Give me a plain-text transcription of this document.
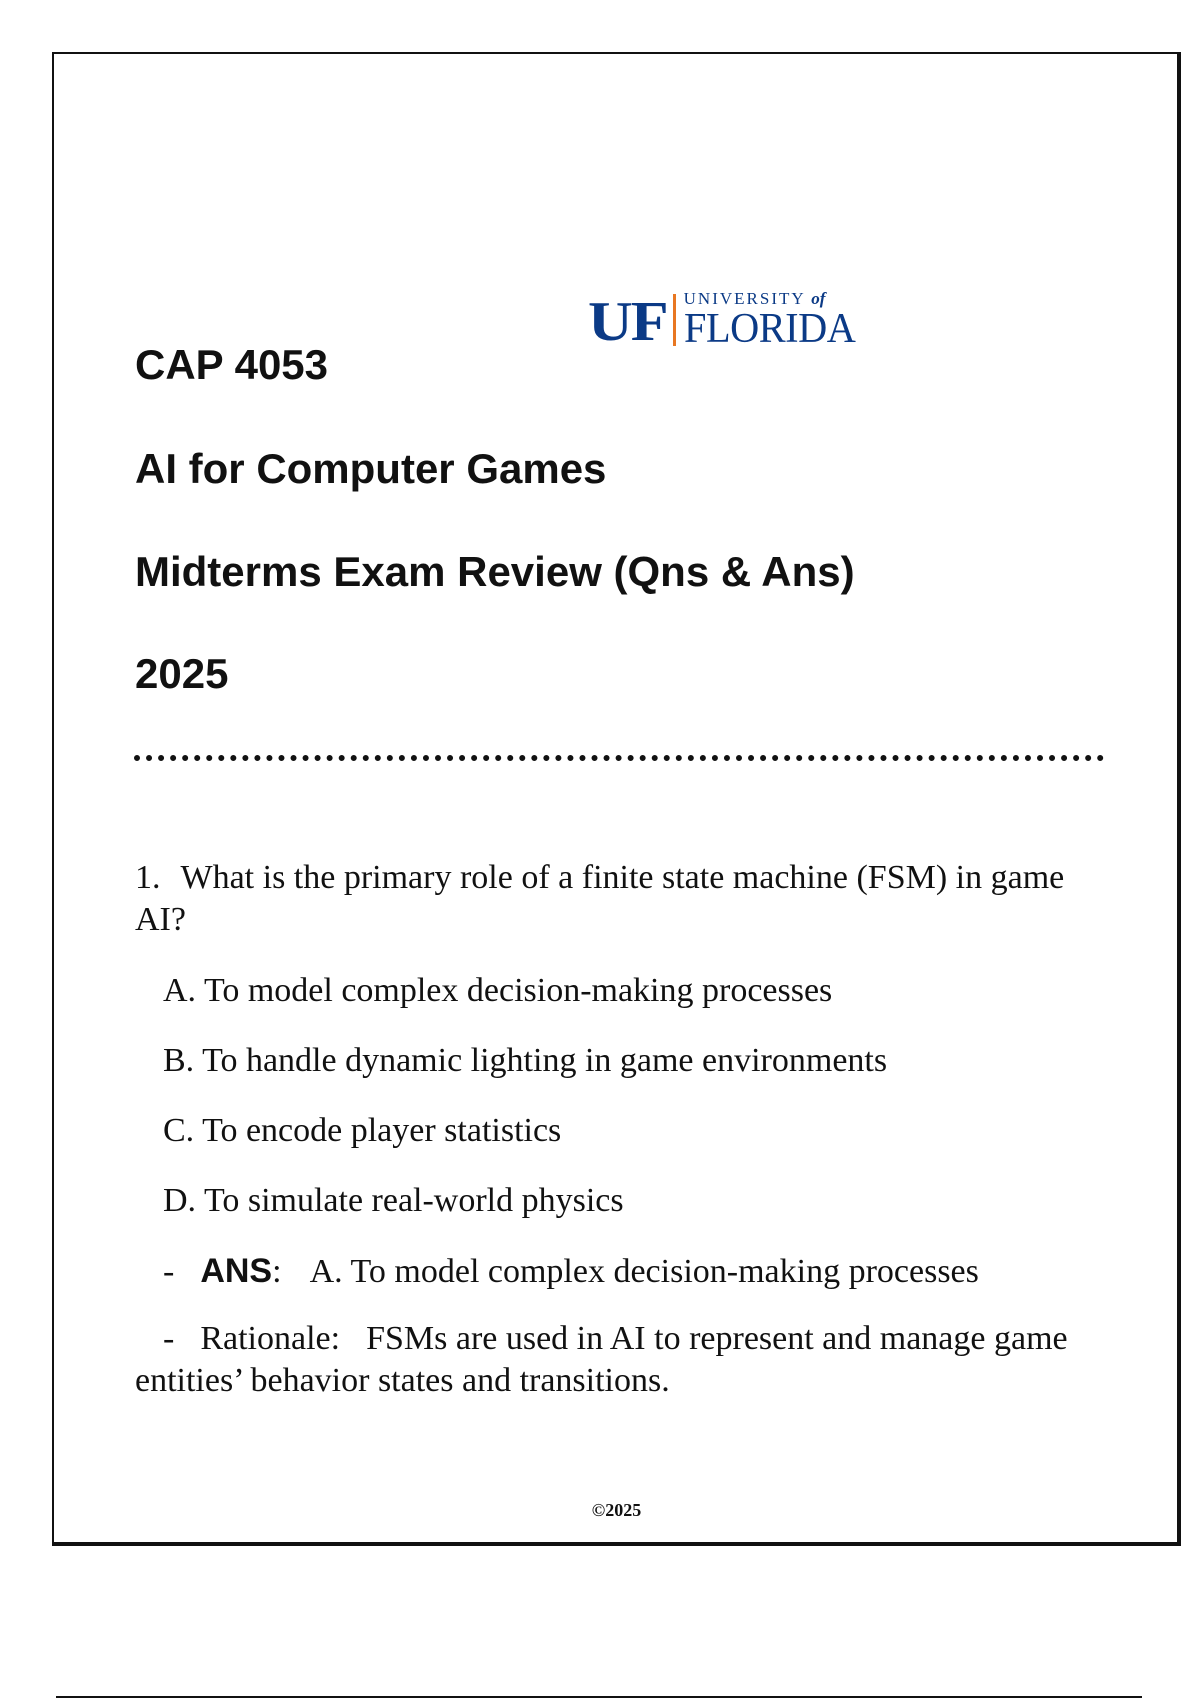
UF UNIVERSITY of
FLORIDA
CAP 4053
AI for Computer Games
Midterms Exam Review (Qns & Ans)
2025

1. What is the primary role of a finite state machine (FSM) in game AI?

A. To model complex decision-making processes

B. To handle dynamic lighting in game environments

C. To encode player statistics

D. To simulate real-world physics

- ANS: A. To model complex decision-making processes

- Rationale: FSMs are used in AI to represent and manage game entities’ behavior states and transitions.

©2025
